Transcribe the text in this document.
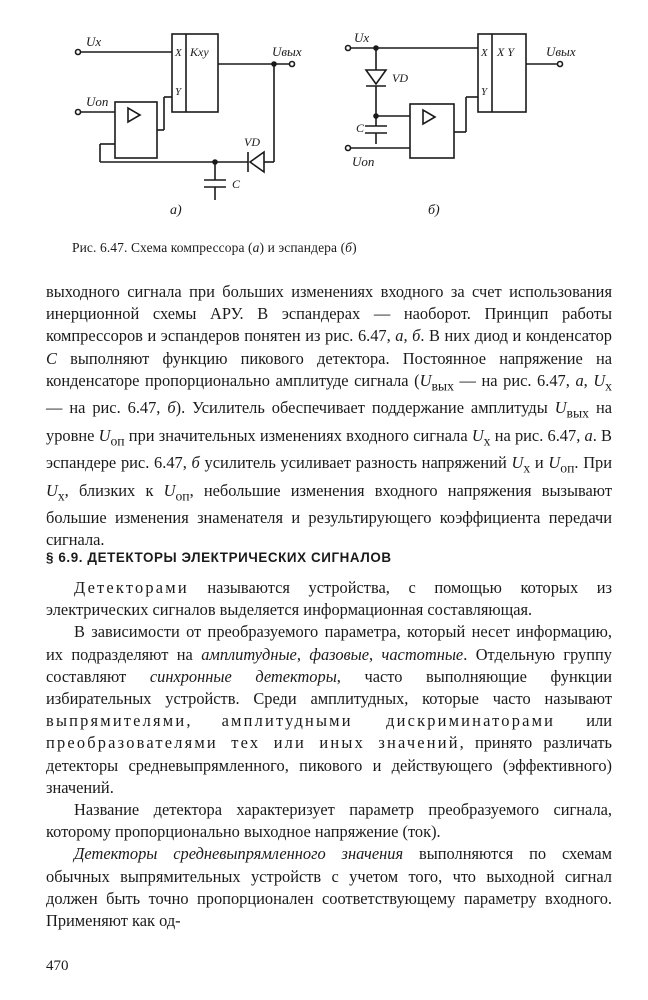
Ux
Uоп
Uвых
X
Y
Kxy
VD
C
а)
Ux
Uоп
Uвых
X
Y
X Y
VD
C
б)
Рис. 6.47. Схема компрессора (а) и эспандера (б)
выходного сигнала при больших изменениях входного за счет использования инерционной схемы АРУ. В эспандерах — наоборот. Принцип работы компрессоров и эспандеров понятен из рис. 6.47, а, б. В них диод и конденсатор C выполняют функцию пикового детектора. Постоянное напряжение на конденсаторе пропорционально амплитуде сигнала ($U_{вых}$ — на рис. 6.47, а, $U_x$ — на рис. 6.47, б). Усилитель обеспечивает поддержание амплитуды $U_{вых}$ на уровне $U_{оп}$ при значительных изменениях входного сигнала $U_x$ на рис. 6.47, а. В эспандере рис. 6.47, б усилитель усиливает разность напряжений $U_x$ и $U_{оп}$. При $U_x$, близких к $U_{оп}$, небольшие изменения входного напряжения вызывают большие изменения знаменателя и результирующего коэффициента передачи сигнала.
§ 6.9. ДЕТЕКТОРЫ ЭЛЕКТРИЧЕСКИХ СИГНАЛОВ

Детекторами называются устройства, с помощью которых из электрических сигналов выделяется информационная составляющая.

В зависимости от преобразуемого параметра, который несет информацию, их подразделяют на амплитудные, фазовые, частотные. Отдельную группу составляют синхронные детекторы, часто выполняющие функции избирательных устройств. Среди амплитудных, которые часто называют выпрямителями, амплитудными дискриминаторами или преобразователями тех или иных значений, принято различать детекторы средневыпрямленного, пикового и действующего (эффективного) значений.

Название детектора характеризует параметр преобразуемого сигнала, которому пропорционально выходное напряжение (ток).

Детекторы средневыпрямленного значения выполняются по схемам обычных выпрямительных устройств с учетом того, что выходной сигнал должен быть точно пропорционален соответствующему параметру входного. Применяют как од-

470
